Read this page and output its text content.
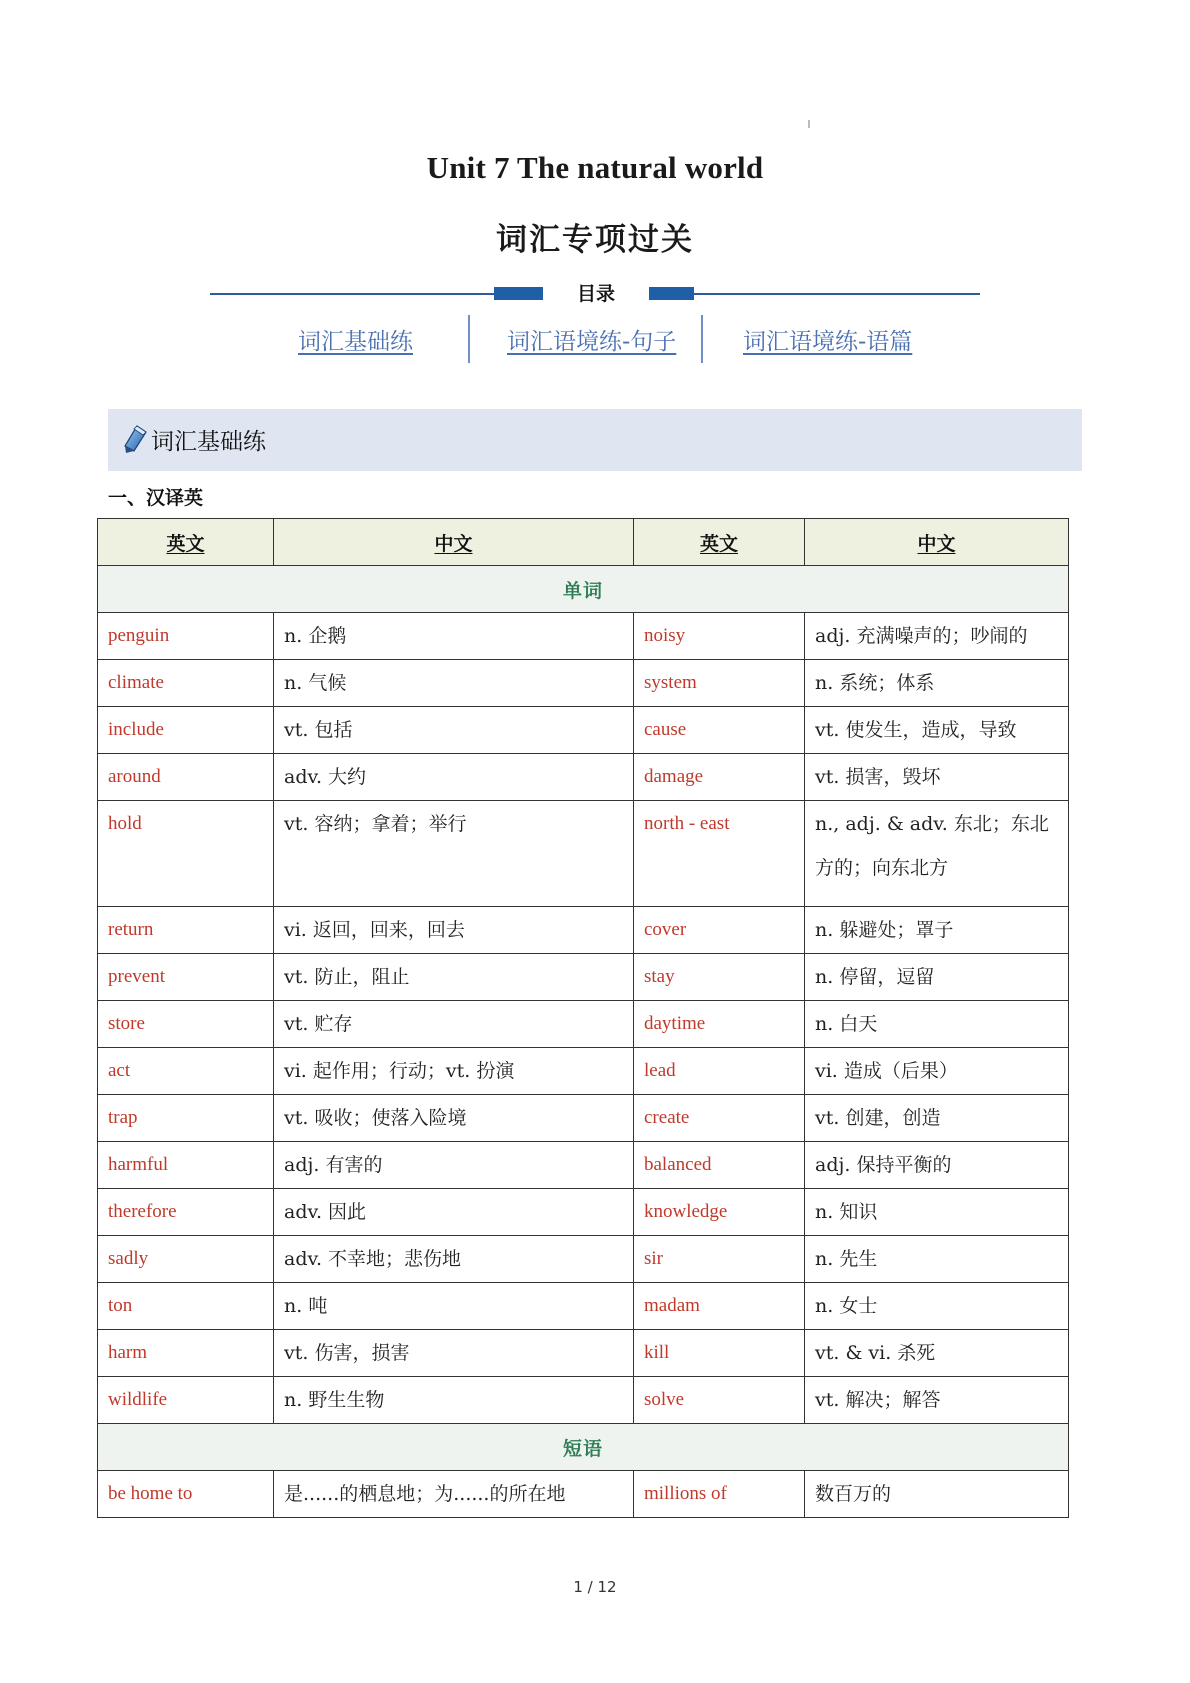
Unit 7 The natural world
词汇专项过关
目录
词汇基础练	词汇语境练-句子	词汇语境练-语篇
词汇基础练
一、汉译英
英文	中文	英文	中文
单词			
penguin	n. 企鹅	noisy	adj. 充满噪声的；吵闹的
climate	n. 气候	system	n. 系统；体系
include	vt. 包括	cause	vt. 使发生，造成，导致
around	adv. 大约	damage	vt. 损害，毁坏
hold	vt. 容纳；拿着；举行	north - east	n., adj. & adv. 东北；东北方的；向东北方
return	vi. 返回，回来，回去	cover	n. 躲避处；罩子
prevent	vt. 防止，阻止	stay	n. 停留，逗留
store	vt. 贮存	daytime	n. 白天
act	vi. 起作用；行动；vt. 扮演	lead	vi. 造成（后果）
trap	vt. 吸收；使落入险境	create	vt. 创建，创造
harmful	adj. 有害的	balanced	adj. 保持平衡的
therefore	adv. 因此	knowledge	n. 知识
sadly	adv. 不幸地；悲伤地	sir	n. 先生
ton	n. 吨	madam	n. 女士
harm	vt. 伤害，损害	kill	vt. & vi. 杀死
wildlife	n. 野生生物	solve	vt. 解决；解答
短语			
be home to	是......的栖息地；为......的所在地	millions of	数百万的
1 / 12
